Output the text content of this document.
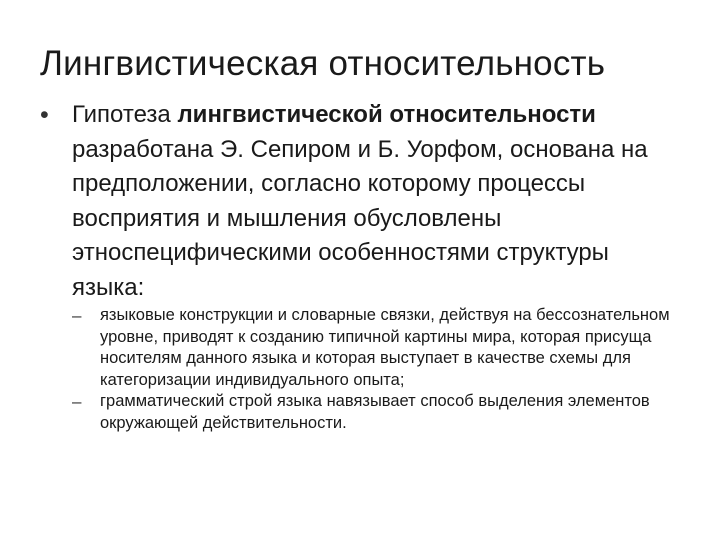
Лингвистическая относительность
• Гипотеза лингвистической относительности разработана Э. Сепиром и Б. Уорфом, основана на предположении, согласно которому процессы восприятия и мышления обусловлены этноспецифическими особенностями структуры языка:
–	языковые конструкции и словарные связки, действуя на бессознательном уровне, приводят к созданию типичной картины мира, которая присуща носителям данного языка и которая выступает в качестве схемы для категоризации индивидуального опыта;
–	грамматический строй языка навязывает способ выделения элементов окружающей действительности.
